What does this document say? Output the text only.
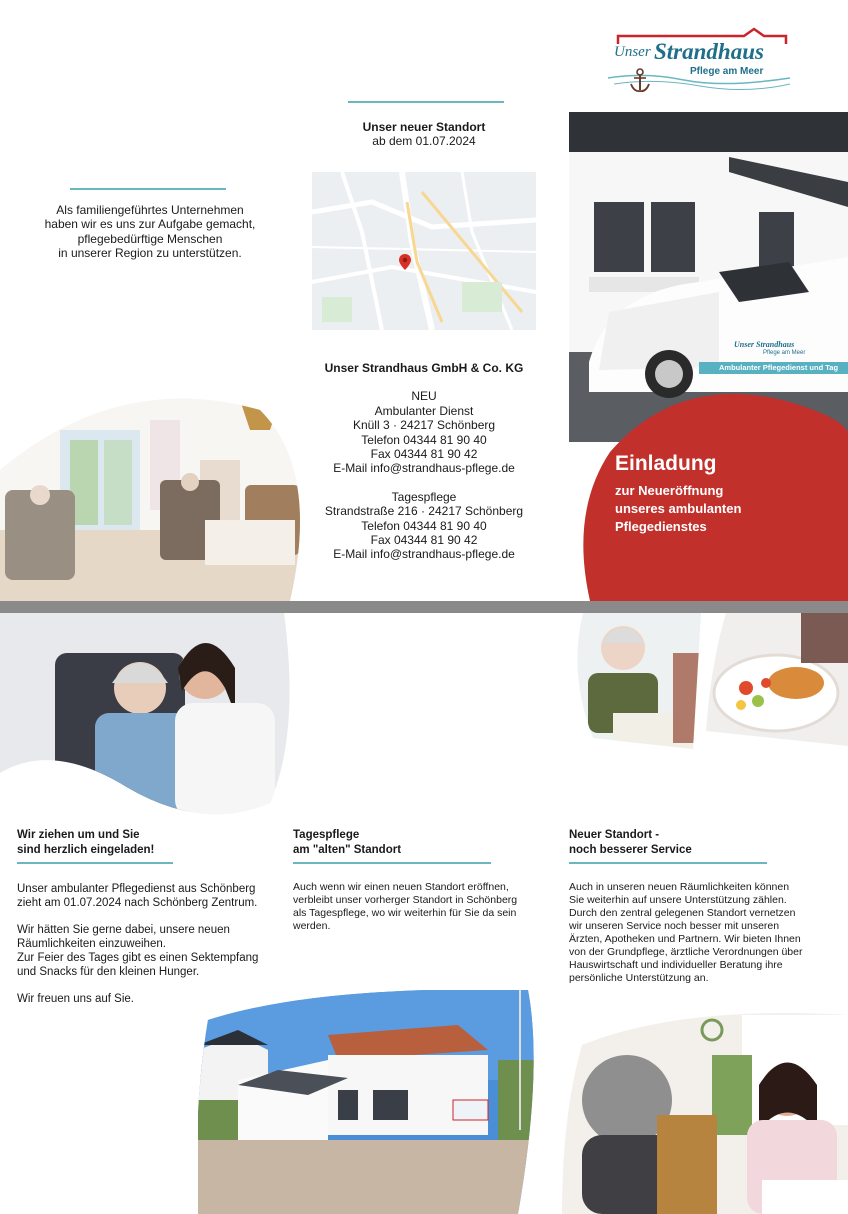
Unser Strandhaus
Pflege am Meer
Als familiengeführtes Unternehmen
haben wir es uns zur Aufgabe gemacht,
pflegebedürftige Menschen
in unserer Region zu unterstützen.
Unser neuer Standort
ab dem 01.07.2024
Unser Strandhaus GmbH & Co. KG
NEU
Ambulanter Dienst
Knüll 3 · 24217 Schönberg
Telefon 04344 81 90 40
Fax 04344 81 90 42
E-Mail info@strandhaus-pflege.de
Tagespflege
Strandstraße 216 · 24217 Schönberg
Telefon 04344 81 90 40
Fax 04344 81 90 42
E-Mail info@strandhaus-pflege.de
Unser Strandhaus
Pflege am Meer
Ambulanter Pflegedienst und Tag
Einladung
zur Neueröffnung
unseres ambulanten
Pflegedienstes
Wir ziehen um und Sie
sind herzlich eingeladen!
Unser ambulanter Pflegedienst aus Schönberg
zieht am 01.07.2024 nach Schönberg Zentrum.
Wir hätten Sie gerne dabei, unsere neuen
Räumlichkeiten einzuweihen.
Zur Feier des Tages gibt es einen Sektempfang
und Snacks für den kleinen Hunger.
Wir freuen uns auf Sie.
Tagespflege
am "alten" Standort
Auch wenn wir einen neuen Standort eröffnen,
verbleibt unser vorherger Standort in Schönberg
als Tagespflege, wo wir weiterhin für Sie da sein
werden.
Neuer Standort -
noch besserer Service
Auch in unseren neuen Räumlichkeiten können
Sie weiterhin auf unsere Unterstützung zählen.
Durch den zentral gelegenen Standort vernetzen
wir unseren Service noch besser mit unseren
Ärzten, Apotheken und Partnern. Wir bieten Ihnen
von der Grundpflege, ärztliche Verordnungen über
Hauswirtschaft und individueller Beratung ihre
persönliche Unterstützung an.
